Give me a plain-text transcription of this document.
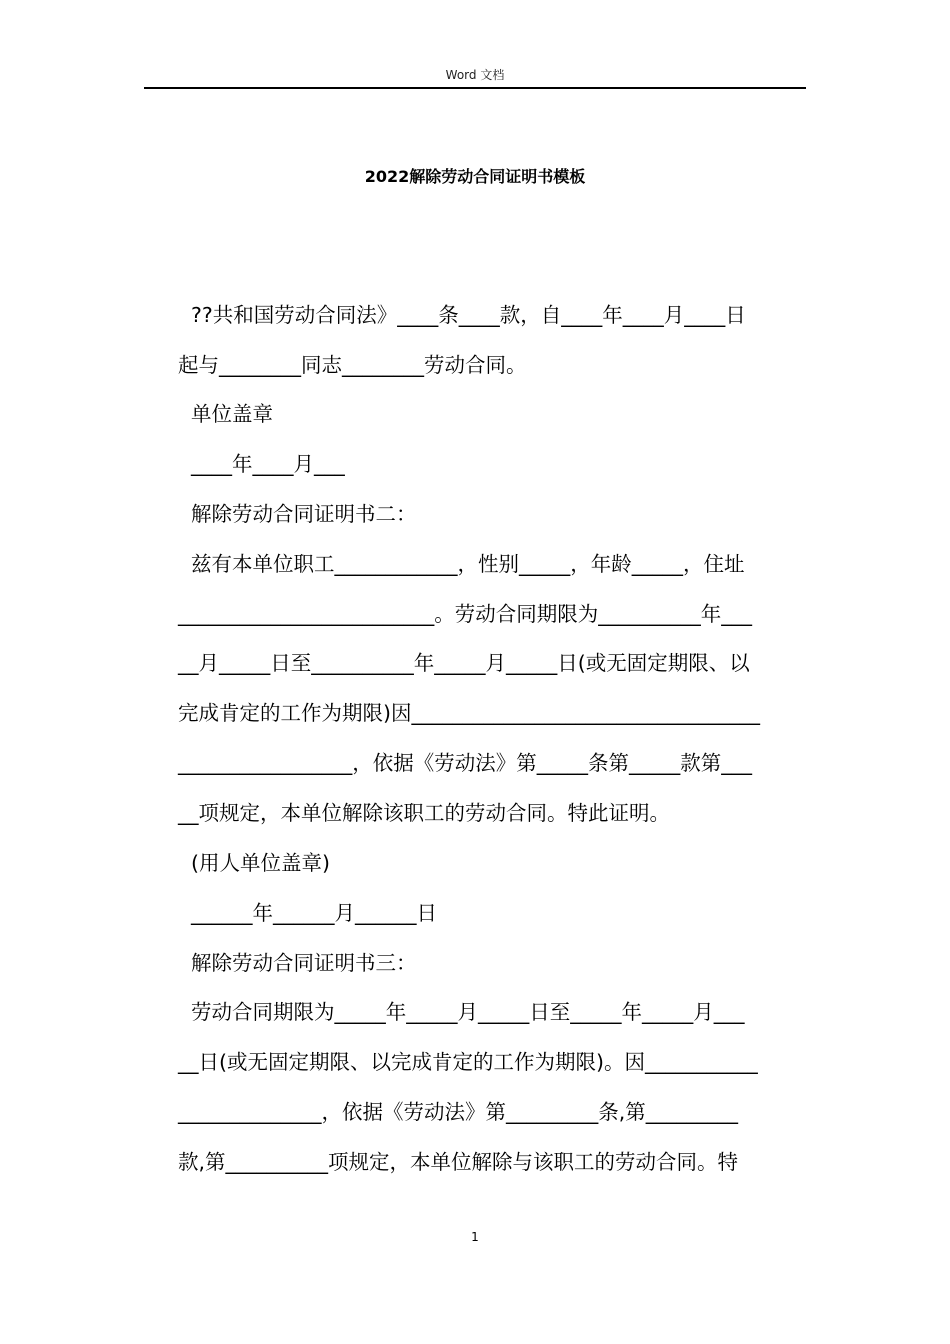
Word 文档
2022解除劳动合同证明书模板
??共和国劳动合同法》____条____款，自____年____月____日
起与________同志________劳动合同。
单位盖章
____年____月___
解除劳动合同证明书二：
兹有本单位职工____________，性别_____，年龄_____，住址
_________________________。劳动合同期限为__________年___
__月_____日至__________年_____月_____日(或无固定期限、以
完成肯定的工作为期限)因__________________________________
_________________，依据《劳动法》第_____条第_____款第___
__项规定，本单位解除该职工的劳动合同。特此证明。
(用人单位盖章)
______年______月______日
解除劳动合同证明书三：
劳动合同期限为_____年_____月_____日至_____年_____月___
__日(或无固定期限、以完成肯定的工作为期限)。因___________
______________，依据《劳动法》第_________条,第_________
款,第__________项规定，本单位解除与该职工的劳动合同。特
1
